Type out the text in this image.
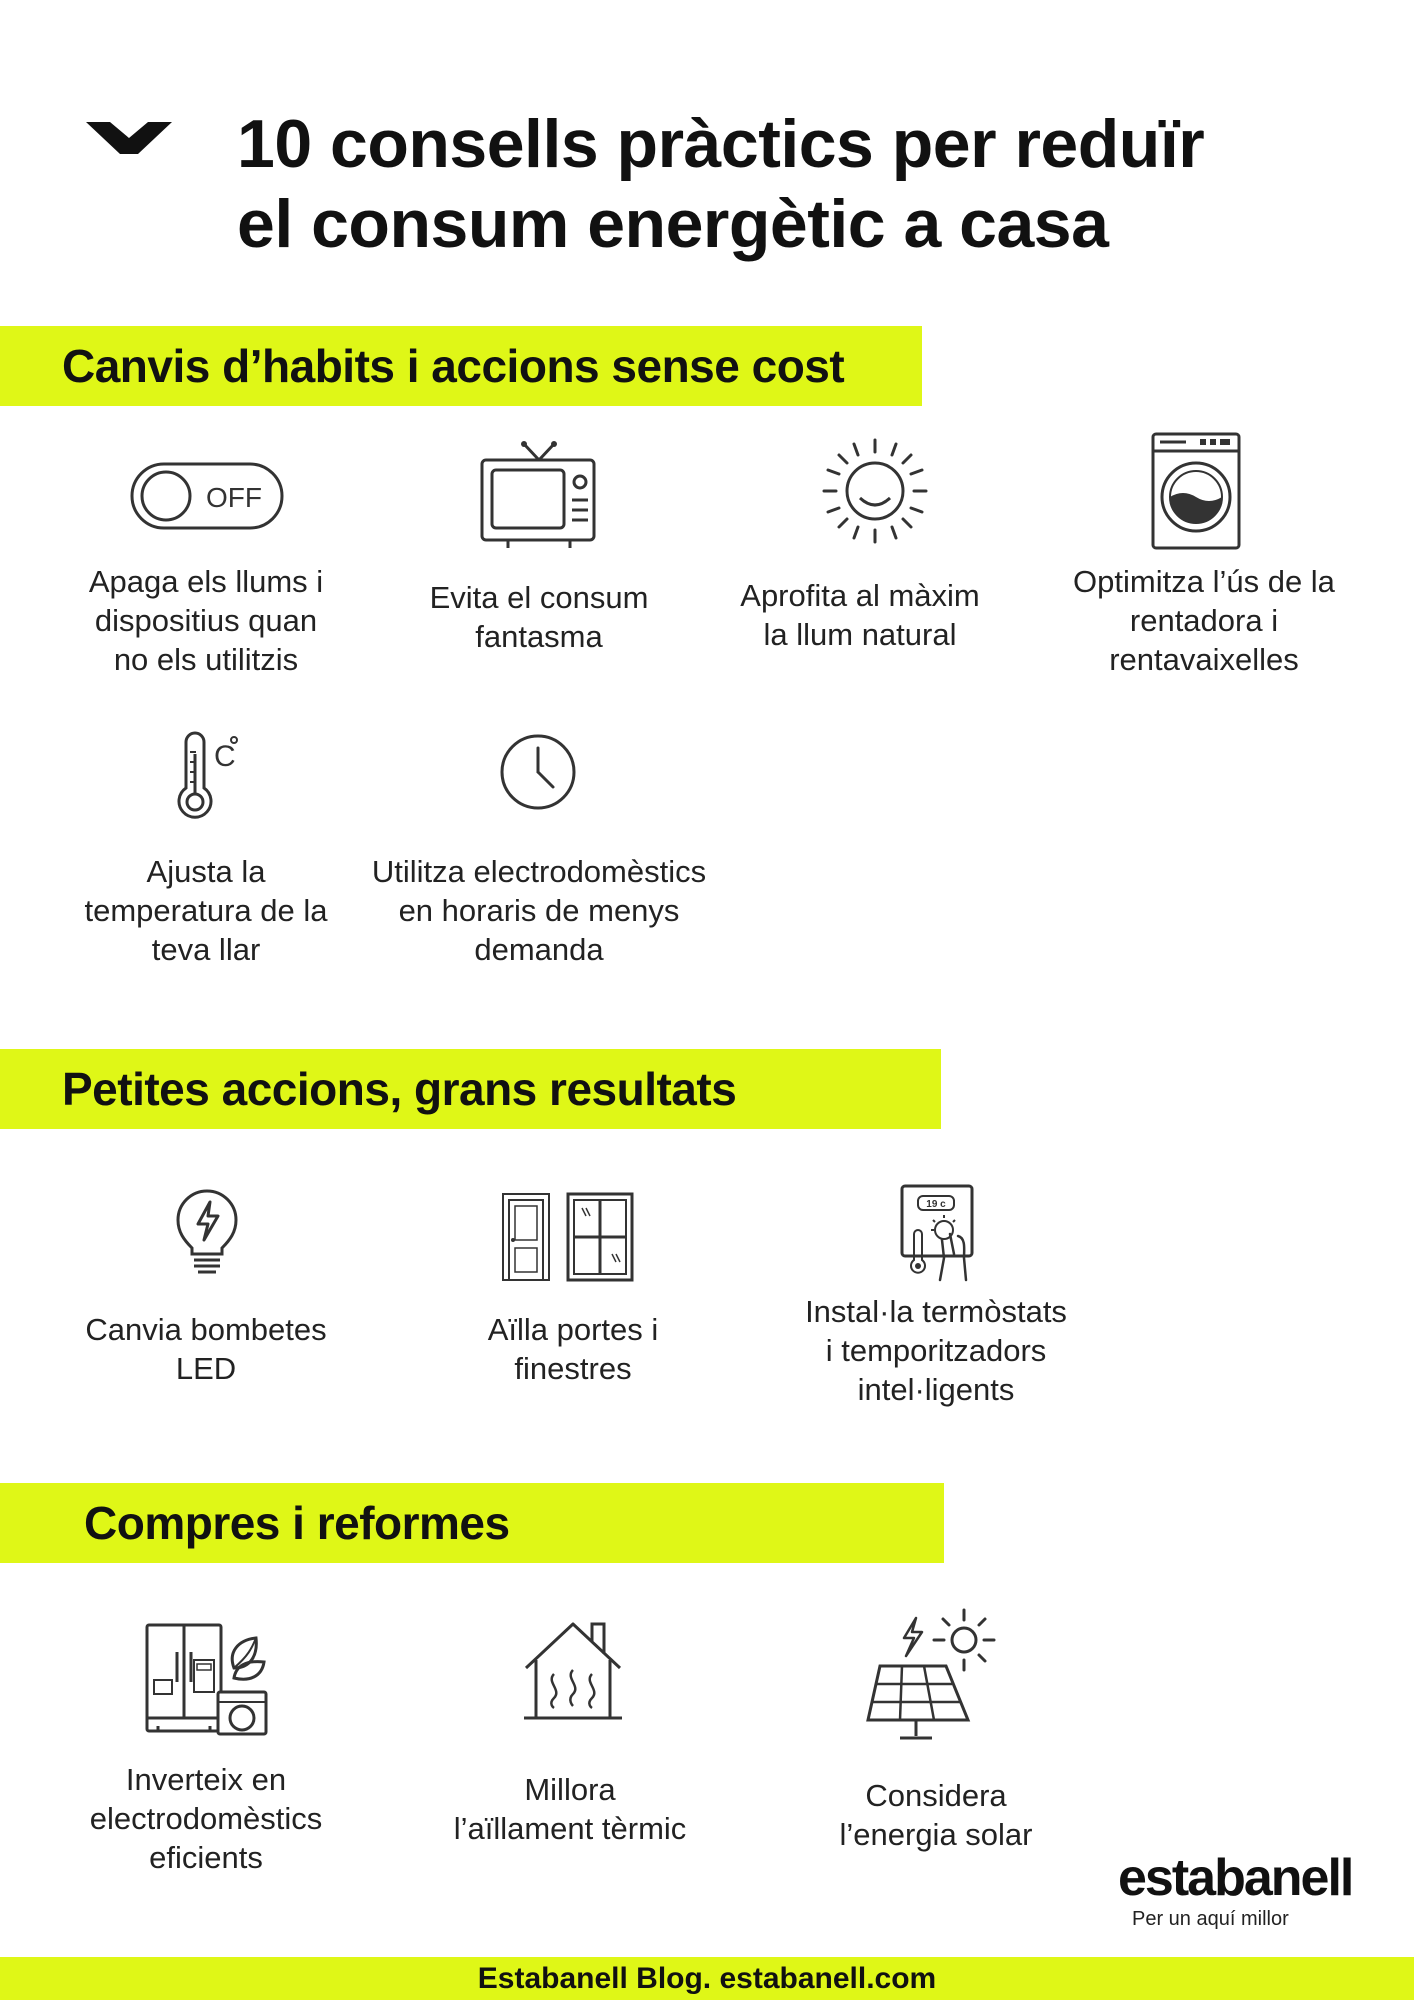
10 consells pràctics per reduïr
el consum energètic a casa
Canvis d’habits i accions sense cost
OFF
C
Apaga els llums i
dispositius quan
no els utilitzis
Evita el consum
fantasma
Aprofita al màxim
la llum natural
Optimitza l’ús de la
rentadora i
rentavaixelles
Ajusta la
temperatura de la
teva llar
Utilitza electrodomèstics
en horaris de menys
demanda
Petites accions, grans resultats
19 c
Canvia bombetes
LED
Aïlla portes i
finestres
Instal·la termòstats
i temporitzadors
intel·ligents
Compres i reformes
Inverteix en
electrodomèstics
eficients
Millora
l’aïllament tèrmic
Considera
l’energia solar
estabanell
Per un aquí millor
Estabanell Blog. estabanell.com
